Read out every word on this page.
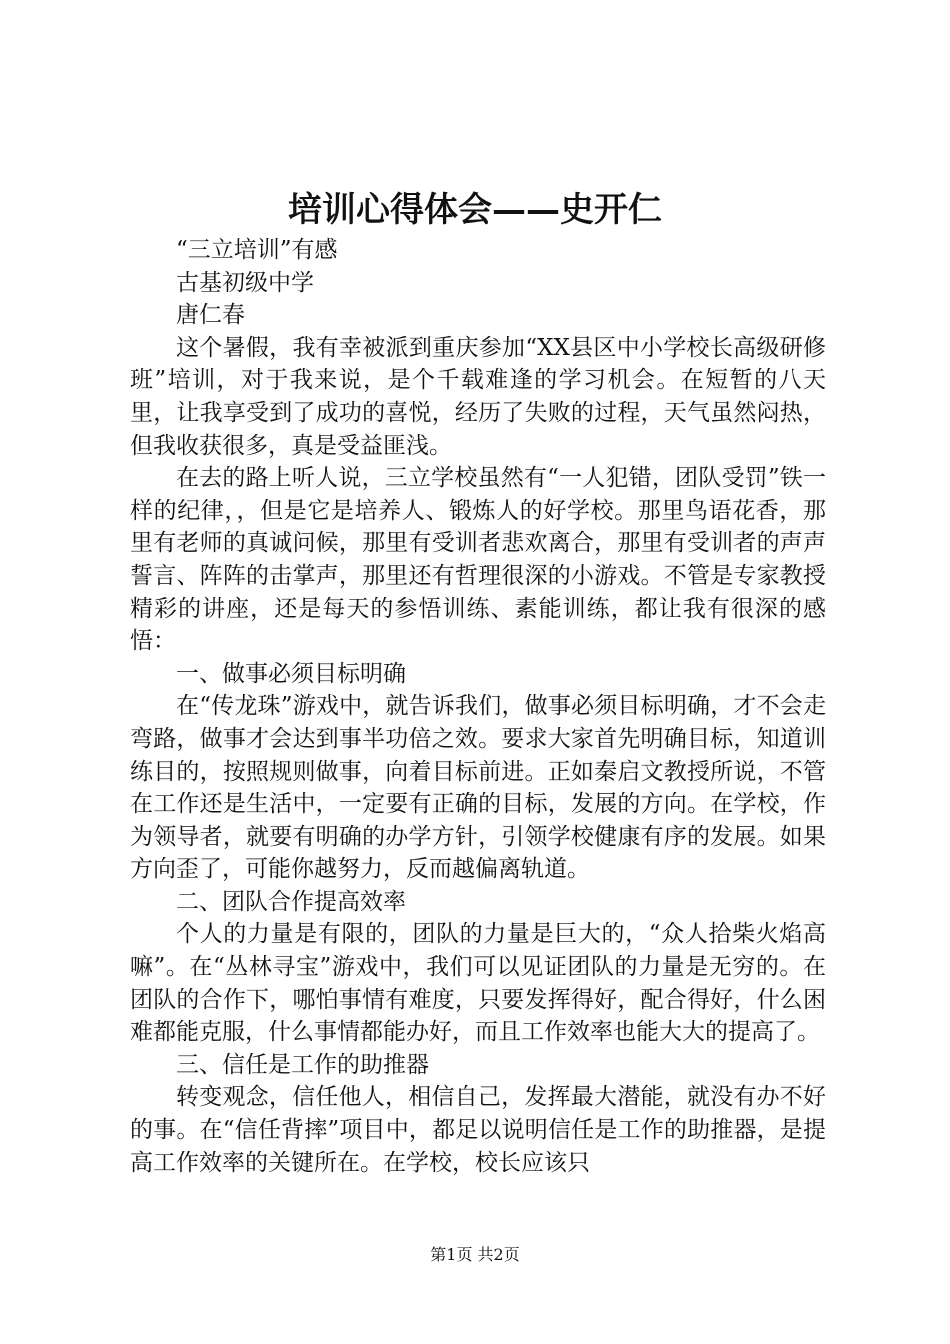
培训心得体会——史开仁

“三立培训”有感

古基初级中学

唐仁春

这个暑假，我有幸被派到重庆参加“XX县区中小学校长高级研修班”培训，对于我来说，是个千载难逢的学习机会。在短暂的八天里，让我享受到了成功的喜悦，经历了失败的过程，天气虽然闷热，但我收获很多，真是受益匪浅。

在去的路上听人说，三立学校虽然有“一人犯错，团队受罚”铁一样的纪律，，但是它是培养人、锻炼人的好学校。那里鸟语花香，那里有老师的真诚问候，那里有受训者悲欢离合，那里有受训者的声声誓言、阵阵的击掌声，那里还有哲理很深的小游戏。不管是专家教授精彩的讲座，还是每天的参悟训练、素能训练，都让我有很深的感悟：

一、做事必须目标明确

在“传龙珠”游戏中，就告诉我们，做事必须目标明确，才不会走弯路，做事才会达到事半功倍之效。要求大家首先明确目标，知道训练目的，按照规则做事，向着目标前进。正如秦启文教授所说，不管在工作还是生活中，一定要有正确的目标，发展的方向。在学校，作为领导者，就要有明确的办学方针，引领学校健康有序的发展。如果方向歪了，可能你越努力，反而越偏离轨道。

二、团队合作提高效率

个人的力量是有限的，团队的力量是巨大的，“众人拾柴火焰高嘛”。在“丛林寻宝”游戏中，我们可以见证团队的力量是无穷的。在团队的合作下，哪怕事情有难度，只要发挥得好，配合得好，什么困难都能克服，什么事情都能办好，而且工作效率也能大大的提高了。

三、信任是工作的助推器

转变观念，信任他人，相信自己，发挥最大潜能，就没有办不好的事。在“信任背摔”项目中，都足以说明信任是工作的助推器，是提高工作效率的关键所在。在学校，校长应该只

第1页 共2页
